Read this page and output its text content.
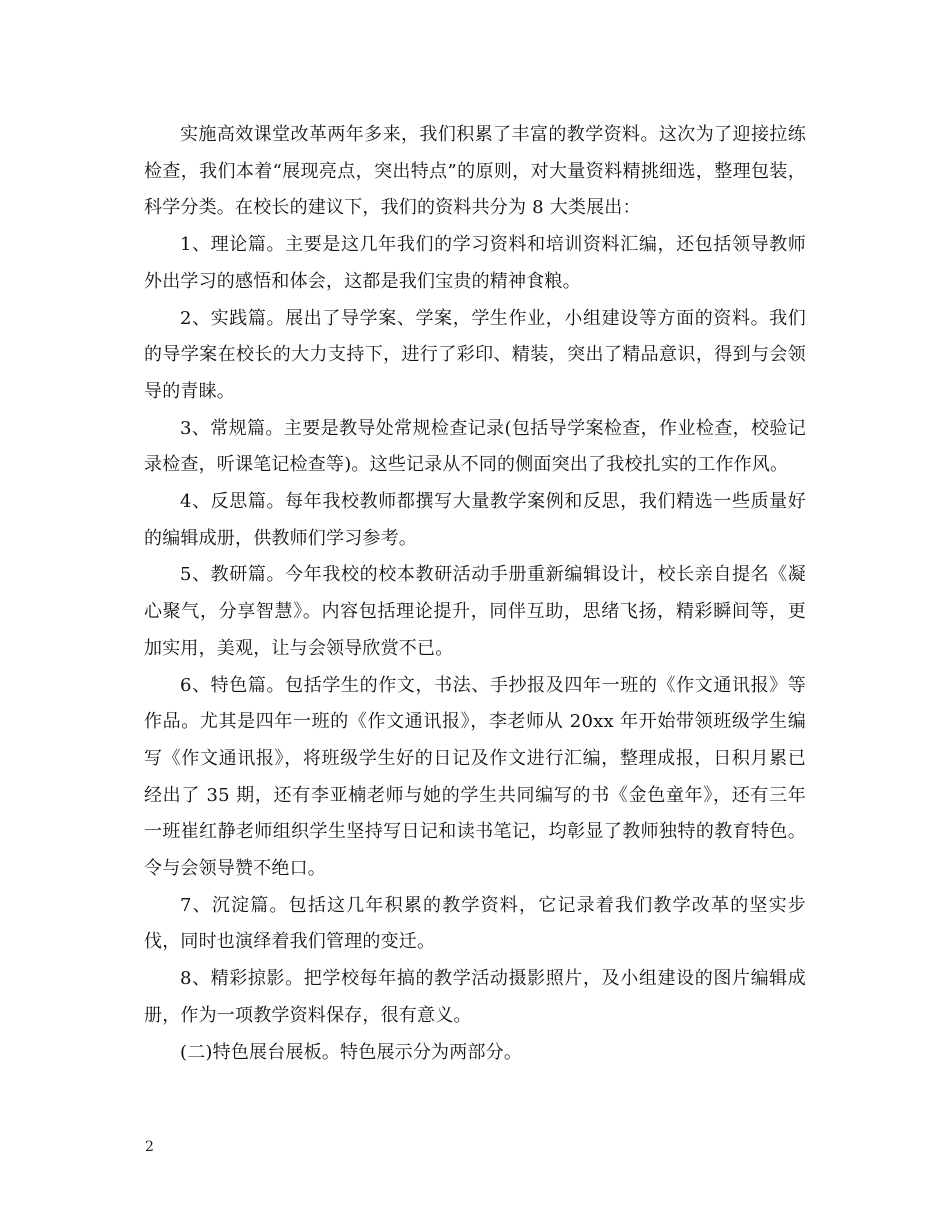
实施高效课堂改革两年多来，我们积累了丰富的教学资料。这次为了迎接拉练检查，我们本着“展现亮点，突出特点”的原则，对大量资料精挑细选，整理包装，科学分类。在校长的建议下，我们的资料共分为 8 大类展出：

1、理论篇。主要是这几年我们的学习资料和培训资料汇编，还包括领导教师外出学习的感悟和体会，这都是我们宝贵的精神食粮。

2、实践篇。展出了导学案、学案，学生作业，小组建设等方面的资料。我们的导学案在校长的大力支持下，进行了彩印、精装，突出了精品意识，得到与会领导的青睐。

3、常规篇。主要是教导处常规检查记录(包括导学案检查，作业检查，校验记录检查，听课笔记检查等)。这些记录从不同的侧面突出了我校扎实的工作作风。

4、反思篇。每年我校教师都撰写大量教学案例和反思，我们精选一些质量好的编辑成册，供教师们学习参考。

5、教研篇。今年我校的校本教研活动手册重新编辑设计，校长亲自提名《凝心聚气，分享智慧》。内容包括理论提升，同伴互助，思绪飞扬，精彩瞬间等，更加实用，美观，让与会领导欣赏不已。

6、特色篇。包括学生的作文，书法、手抄报及四年一班的《作文通讯报》等作品。尤其是四年一班的《作文通讯报》，李老师从 20xx 年开始带领班级学生编写《作文通讯报》，将班级学生好的日记及作文进行汇编，整理成报，日积月累已经出了 35 期，还有李亚楠老师与她的学生共同编写的书《金色童年》，还有三年一班崔红静老师组织学生坚持写日记和读书笔记，均彰显了教师独特的教育特色。令与会领导赞不绝口。

7、沉淀篇。包括这几年积累的教学资料，它记录着我们教学改革的坚实步伐，同时也演绎着我们管理的变迁。

8、精彩掠影。把学校每年搞的教学活动摄影照片，及小组建设的图片编辑成册，作为一项教学资料保存，很有意义。

(二)特色展台展板。特色展示分为两部分。

2
